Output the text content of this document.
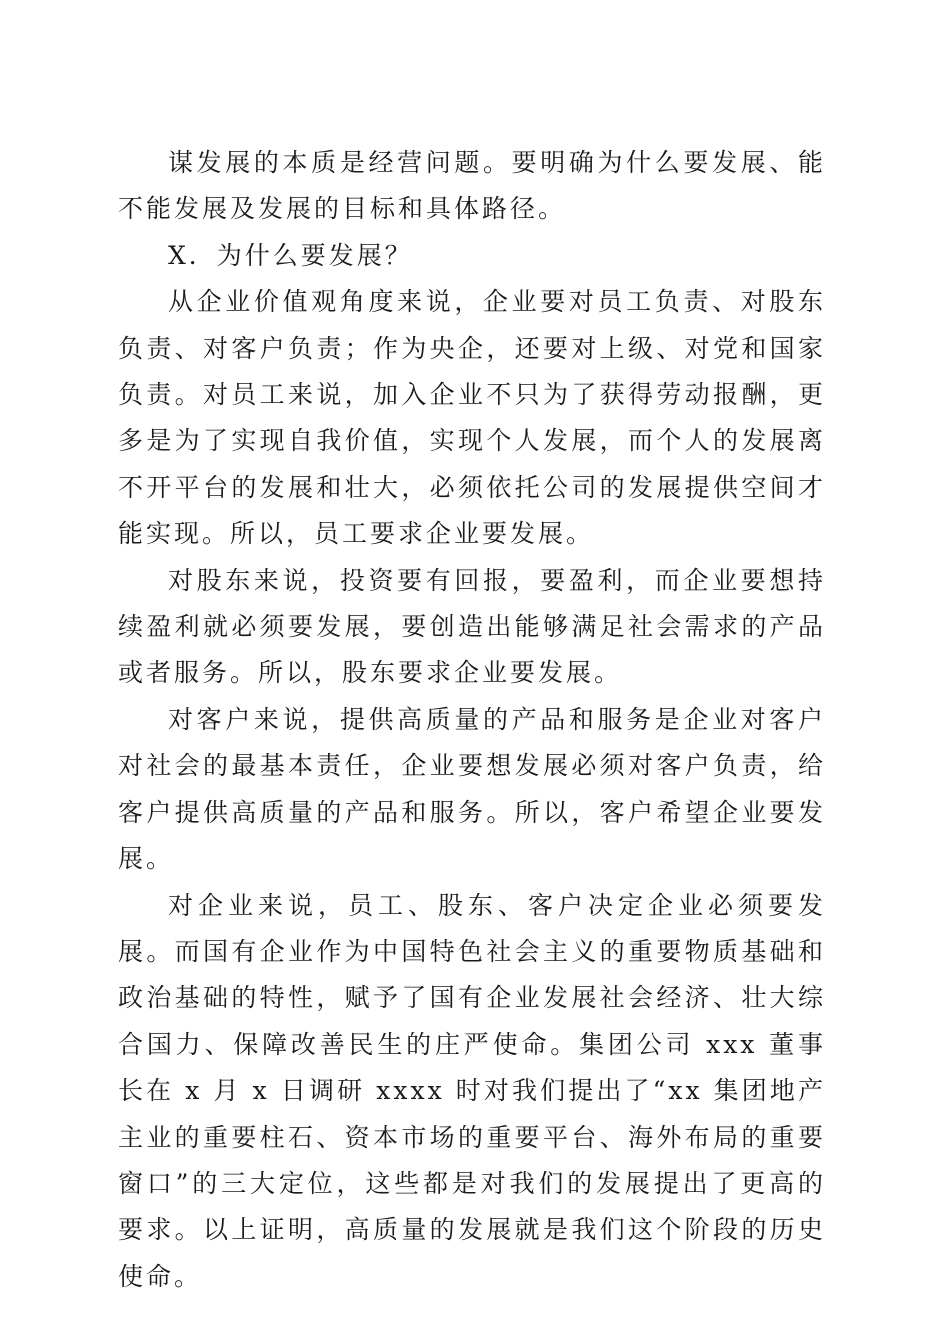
谋发展的本质是经营问题。要明确为什么要发展、能不能发展及发展的目标和具体路径。

X．为什么要发展？

从企业价值观角度来说，企业要对员工负责、对股东负责、对客户负责；作为央企，还要对上级、对党和国家负责。对员工来说，加入企业不只为了获得劳动报酬，更多是为了实现自我价值，实现个人发展，而个人的发展离不开平台的发展和壮大，必须依托公司的发展提供空间才能实现。所以，员工要求企业要发展。

对股东来说，投资要有回报，要盈利，而企业要想持续盈利就必须要发展，要创造出能够满足社会需求的产品或者服务。所以，股东要求企业要发展。

对客户来说，提供高质量的产品和服务是企业对客户对社会的最基本责任，企业要想发展必须对客户负责，给客户提供高质量的产品和服务。所以，客户希望企业要发展。

对企业来说，员工、股东、客户决定企业必须要发展。而国有企业作为中国特色社会主义的重要物质基础和政治基础的特性，赋予了国有企业发展社会经济、壮大综合国力、保障改善民生的庄严使命。集团公司 xxx 董事长在 x 月 x 日调研 xxxx 时对我们提出了“xx 集团地产主业的重要柱石、资本市场的重要平台、海外布局的重要窗口”的三大定位，这些都是对我们的发展提出了更高的要求。以上证明，高质量的发展就是我们这个阶段的历史使命。
